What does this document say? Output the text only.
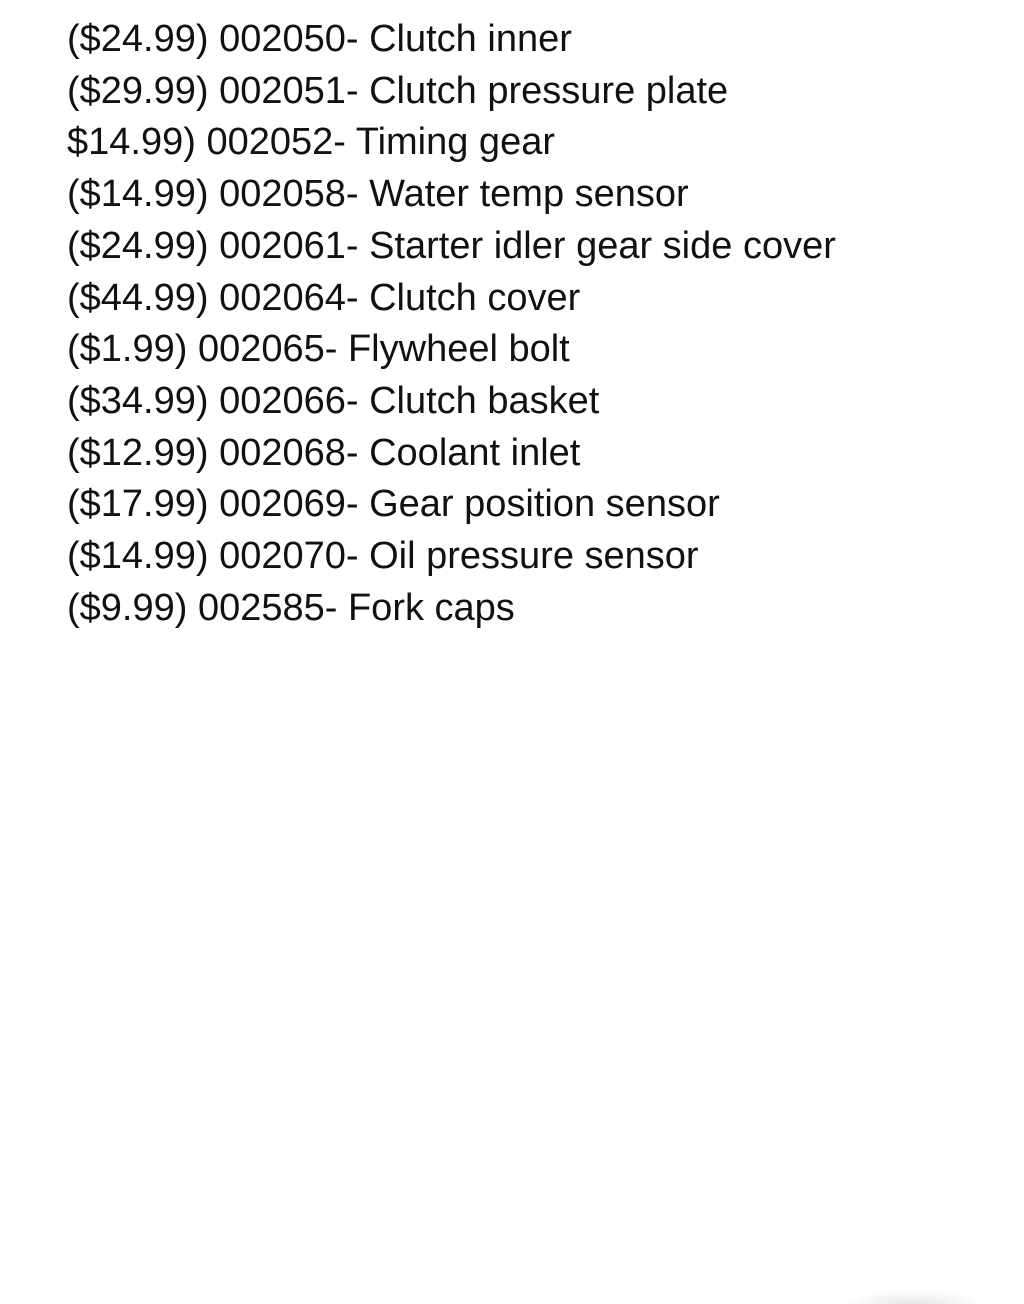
($24.99) 002050- Clutch inner
($29.99) 002051- Clutch pressure plate
$14.99) 002052- Timing gear
($14.99) 002058- Water temp sensor
($24.99) 002061- Starter idler gear side cover
($44.99) 002064- Clutch cover
($1.99) 002065- Flywheel bolt
($34.99) 002066- Clutch basket
($12.99) 002068- Coolant inlet
($17.99) 002069- Gear position sensor
($14.99) 002070- Oil pressure sensor
($9.99) 002585- Fork caps
